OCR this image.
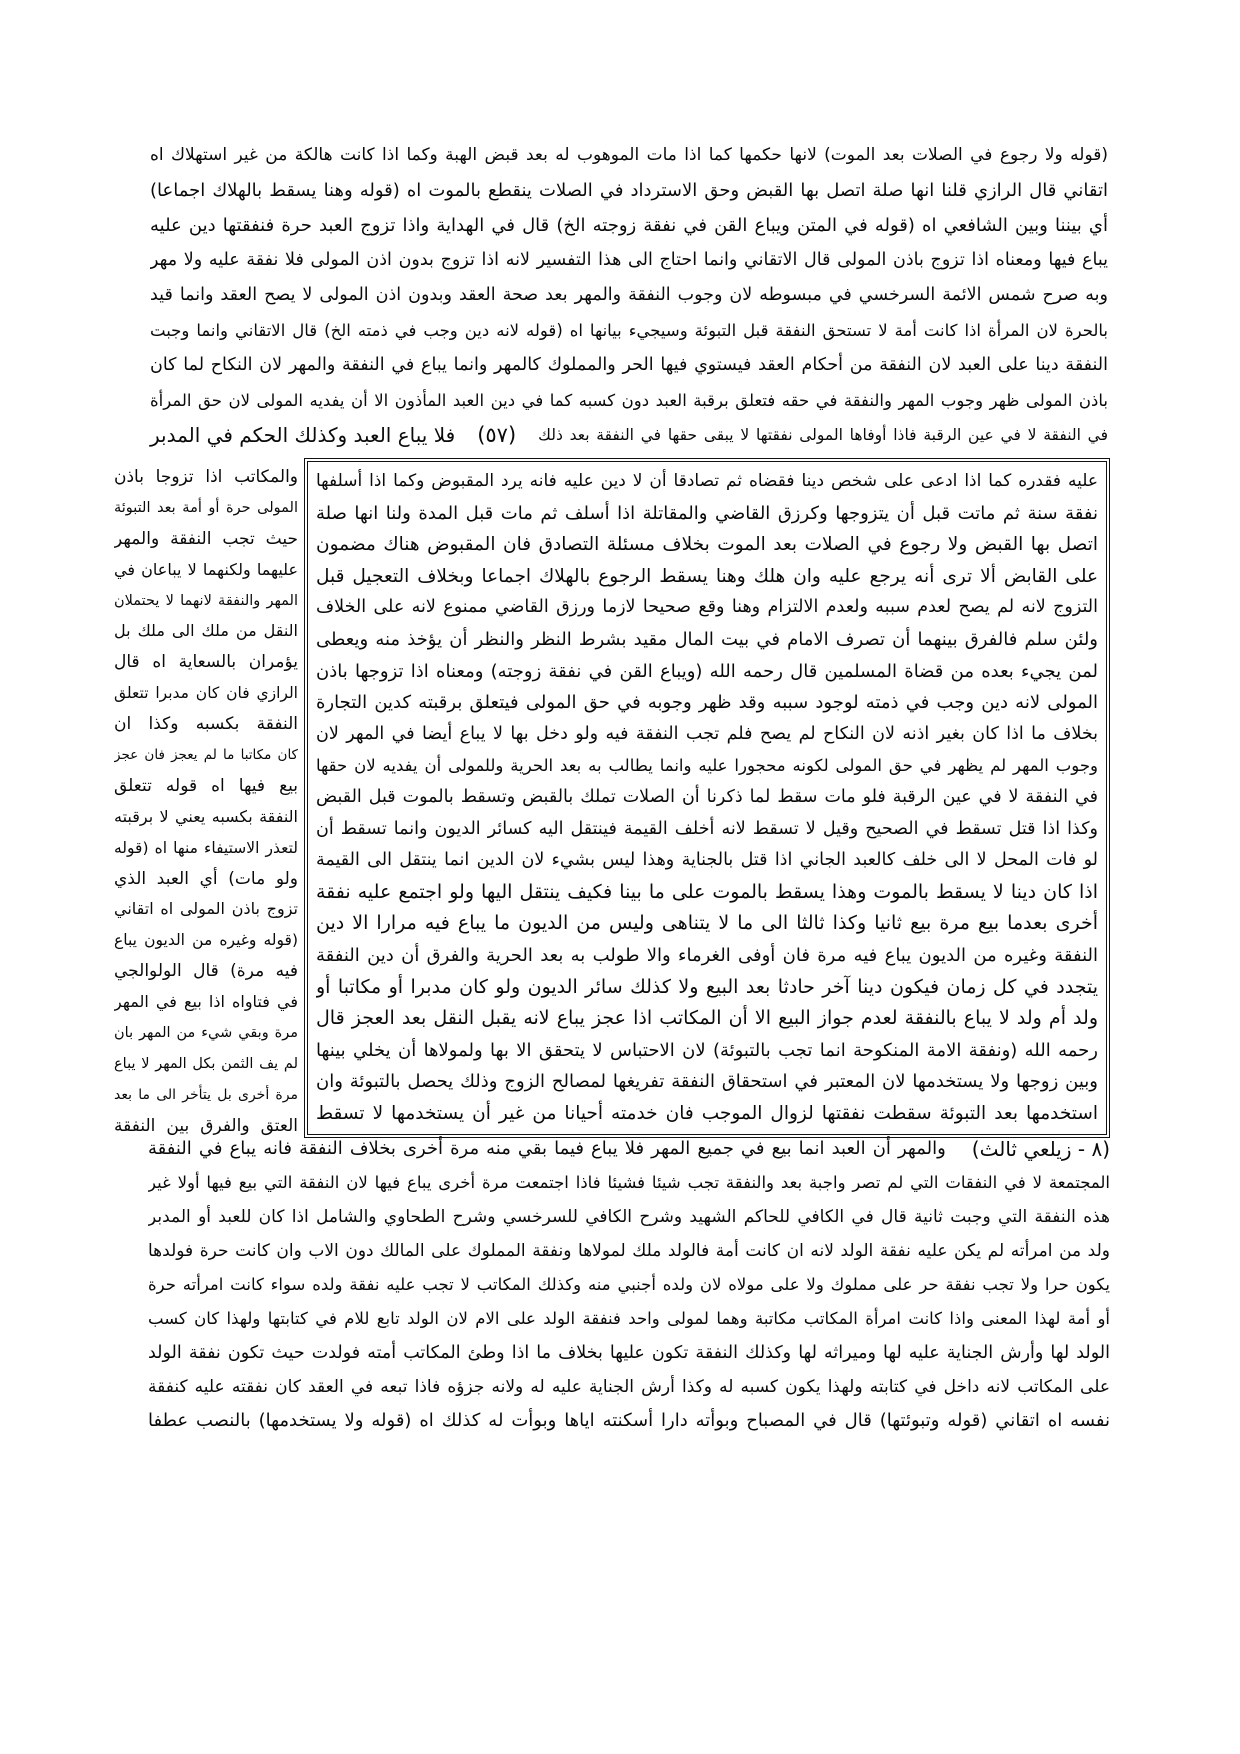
(قوله ولا رجوع في الصلات بعد الموت) لانها حكمها كما اذا مات الموهوب له بعد قبض الهبة وكما اذا كانت هالكة من غير استهلاك اه
اتقاني قال الرازي قلنا انها صلة اتصل بها القبض وحق الاسترداد في الصلات ينقطع بالموت اه (قوله وهنا يسقط بالهلاك اجماعا)
أي بيننا وبين الشافعي اه (قوله في المتن ويباع القن في نفقة زوجته الخ) قال في الهداية واذا تزوج العبد حرة فنفقتها دين عليه
يباع فيها ومعناه اذا تزوج باذن المولى قال الاتقاني وانما احتاج الى هذا التفسير لانه اذا تزوج بدون اذن المولى فلا نفقة عليه ولا مهر
وبه صرح شمس الائمة السرخسي في مبسوطه لان وجوب النفقة والمهر بعد صحة العقد وبدون اذن المولى لا يصح العقد وانما قيد
بالحرة لان المرأة اذا كانت أمة لا تستحق النفقة قبل التبوئة وسيجيء بيانها اه (قوله لانه دين وجب في ذمته الخ) قال الاتقاني وانما وجبت
النفقة دينا على العبد لان النفقة من أحكام العقد فيستوي فيها الحر والمملوك كالمهر وانما يباع في النفقة والمهر لان النكاح لما كان
باذن المولى ظهر وجوب المهر والنفقة في حقه فتعلق برقبة العبد دون كسبه كما في دين العبد المأذون الا أن يفديه المولى لان حق المرأة
في النفقة لا في عين الرقبة فاذا أوفاها المولى نفقتها لا يبقى حقها في النفقة بعد ذلك
(٥٧)
فلا يباع العبد وكذلك الحكم في المدبر
عليه فقدره كما اذا ادعى على شخص دينا فقضاه ثم تصادقا أن لا دين عليه فانه يرد المقبوض وكما اذا أسلفها
نفقة سنة ثم ماتت قبل أن يتزوجها وكرزق القاضي والمقاتلة اذا أسلف ثم مات قبل المدة ولنا انها صلة
اتصل بها القبض ولا رجوع في الصلات بعد الموت بخلاف مسئلة التصادق فان المقبوض هناك مضمون
على القابض ألا ترى أنه يرجع عليه وان هلك وهنا يسقط الرجوع بالهلاك اجماعا وبخلاف التعجيل قبل
التزوج لانه لم يصح لعدم سببه ولعدم الالتزام وهنا وقع صحيحا لازما ورزق القاضي ممنوع لانه على الخلاف
ولئن سلم فالفرق بينهما أن تصرف الامام في بيت المال مقيد بشرط النظر والنظر أن يؤخذ منه ويعطى
لمن يجيء بعده من قضاة المسلمين قال رحمه الله (ويباع القن في نفقة زوجته) ومعناه اذا تزوجها باذن
المولى لانه دين وجب في ذمته لوجود سببه وقد ظهر وجوبه في حق المولى فيتعلق برقبته كدين التجارة
بخلاف ما اذا كان بغير اذنه لان النكاح لم يصح فلم تجب النفقة فيه ولو دخل بها لا يباع أيضا في المهر لان
وجوب المهر لم يظهر في حق المولى لكونه محجورا عليه وانما يطالب به بعد الحرية وللمولى أن يفديه لان حقها
في النفقة لا في عين الرقبة فلو مات سقط لما ذكرنا أن الصلات تملك بالقبض وتسقط بالموت قبل القبض
وكذا اذا قتل تسقط في الصحيح وقيل لا تسقط لانه أخلف القيمة فينتقل اليه كسائر الديون وانما تسقط أن
لو فات المحل لا الى خلف كالعبد الجاني اذا قتل بالجناية وهذا ليس بشيء لان الدين انما ينتقل الى القيمة
اذا كان دينا لا يسقط بالموت وهذا يسقط بالموت على ما بينا فكيف ينتقل اليها ولو اجتمع عليه نفقة
أخرى بعدما بيع مرة بيع ثانيا وكذا ثالثا الى ما لا يتناهى وليس من الديون ما يباع فيه مرارا الا دين
النفقة وغيره من الديون يباع فيه مرة فان أوفى الغرماء والا طولب به بعد الحرية والفرق أن دين النفقة
يتجدد في كل زمان فيكون دينا آخر حادثا بعد البيع ولا كذلك سائر الديون ولو كان مدبرا أو مكاتبا أو
ولد أم ولد لا يباع بالنفقة لعدم جواز البيع الا أن المكاتب اذا عجز يباع لانه يقبل النقل بعد العجز قال
رحمه الله (ونفقة الامة المنكوحة انما تجب بالتبوئة) لان الاحتباس لا يتحقق الا بها ولمولاها أن يخلي بينها
وبين زوجها ولا يستخدمها لان المعتبر في استحقاق النفقة تفريغها لمصالح الزوج وذلك يحصل بالتبوئة وان
استخدمها بعد التبوئة سقطت نفقتها لزوال الموجب فان خدمته أحيانا من غير أن يستخدمها لا تسقط
والمكاتب اذا تزوجا باذن
المولى حرة أو أمة بعد التبوئة
حيث تجب النفقة والمهر
عليهما ولكنهما لا يباعان في
المهر والنفقة لانهما لا يحتملان
النقل من ملك الى ملك بل
يؤمران بالسعاية اه قال
الرازي فان كان مدبرا تتعلق
النفقة بكسبه وكذا ان
كان مكاتبا ما لم يعجز فان عجز
بيع فيها اه قوله تتعلق
النفقة بكسبه يعني لا برقبته
لتعذر الاستيفاء منها اه (قوله
ولو مات) أي العبد الذي
تزوج باذن المولى اه اتقاني
(قوله وغيره من الديون يباع
فيه مرة) قال الولوالجي
في فتاواه اذا بيع في المهر
مرة وبقي شيء من المهر بان
لم يف الثمن بكل المهر لا يباع
مرة أخرى بل يتأخر الى ما بعد
العتق والفرق بين النفقة
(٨ - زيلعي ثالث)
والمهر أن العبد انما بيع في جميع المهر فلا يباع فيما بقي منه مرة أخرى بخلاف النفقة فانه يباع في النفقة
المجتمعة لا في النفقات التي لم تصر واجبة بعد والنفقة تجب شيئا فشيئا فاذا اجتمعت مرة أخرى يباع فيها لان النفقة التي بيع فيها أولا غير
هذه النفقة التي وجبت ثانية قال في الكافي للحاكم الشهيد وشرح الكافي للسرخسي وشرح الطحاوي والشامل اذا كان للعبد أو المدبر
ولد من امرأته لم يكن عليه نفقة الولد لانه ان كانت أمة فالولد ملك لمولاها ونفقة المملوك على المالك دون الاب وان كانت حرة فولدها
يكون حرا ولا تجب نفقة حر على مملوك ولا على مولاه لان ولده أجنبي منه وكذلك المكاتب لا تجب عليه نفقة ولده سواء كانت امرأته حرة
أو أمة لهذا المعنى واذا كانت امرأة المكاتب مكاتبة وهما لمولى واحد فنفقة الولد على الام لان الولد تابع للام في كتابتها ولهذا كان كسب
الولد لها وأرش الجناية عليه لها وميراثه لها وكذلك النفقة تكون عليها بخلاف ما اذا وطئ المكاتب أمته فولدت حيث تكون نفقة الولد
على المكاتب لانه داخل في كتابته ولهذا يكون كسبه له وكذا أرش الجناية عليه له ولانه جزؤه فاذا تبعه في العقد كان نفقته عليه كنفقة
نفسه اه اتقاني (قوله وتبوئتها) قال في المصباح وبوأته دارا أسكنته اياها وبوأت له كذلك اه (قوله ولا يستخدمها) بالنصب عطفا
